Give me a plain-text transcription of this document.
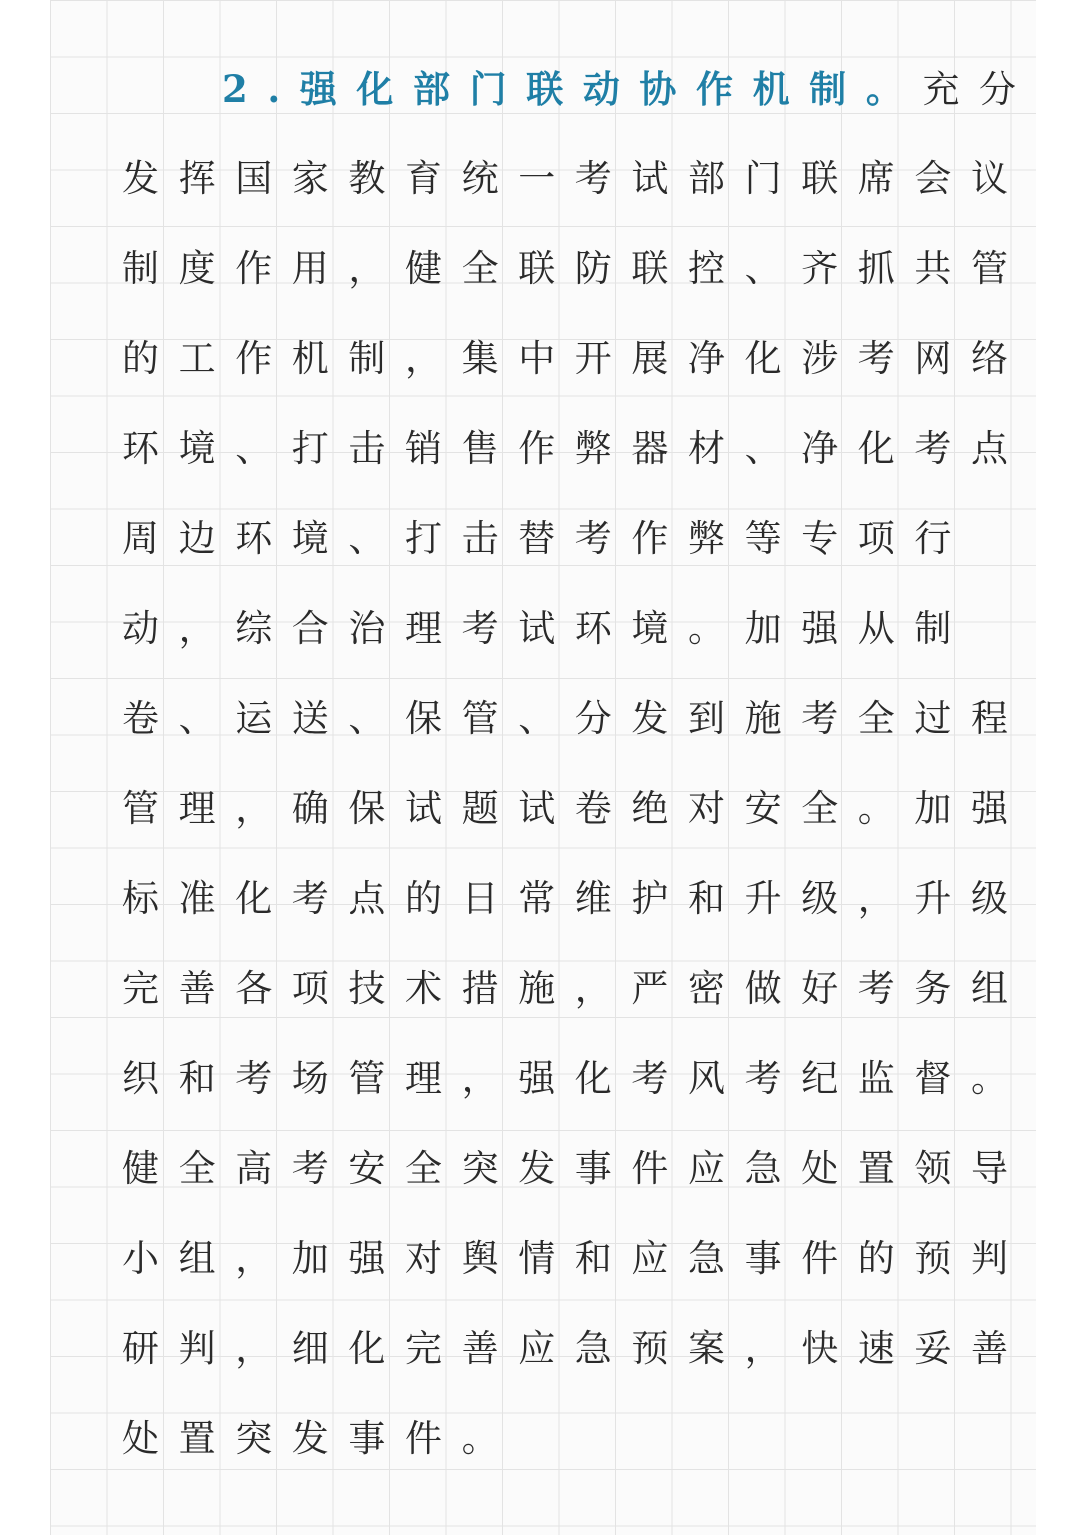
2.强化部门联动协作机制。充分
发挥国家教育统一考试部门联席会议
制度作用，健全联防联控、齐抓共管
的工作机制，集中开展净化涉考网络
环境、打击销售作弊器材、净化考点
周边环境、打击替考作弊等专项行
动，综合治理考试环境。加强从制
卷、运送、保管、分发到施考全过程
管理，确保试题试卷绝对安全。加强
标准化考点的日常维护和升级，升级
完善各项技术措施，严密做好考务组
织和考场管理，强化考风考纪监督。
健全高考安全突发事件应急处置领导
小组，加强对舆情和应急事件的预判
研判，细化完善应急预案，快速妥善
处置突发事件。
